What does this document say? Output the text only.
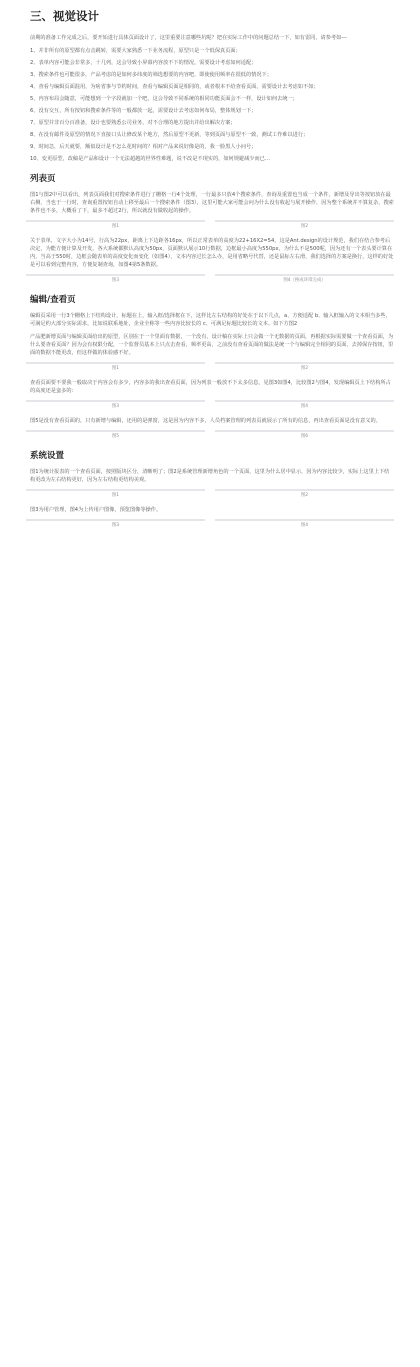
三、视觉设计

前期的准备工作完成之后，要开始进行具体页面设计了，这里重要注意哪些坑呢？把在实际工作中的问题总结一下，如有雷同，请参考如---

1、并非所有的原型都有点击跳转，需要大家熟悉一下业务流程，原型只是一个低保真页面；
2、表单内容可能会非常多，十几列，这会导致小屏幕内容放不下的情况，需要设计考虑如何适配；
3、搜索条件也可能很多，产品考虑的是如何多纬度的筛选想要的内容吧，即使使用频率在很低的情况下；
4、查看与编辑页面混用，为啥省事与节约时间，查看与编辑页面是相同的，或者根本不给查看页面，需要设计去考虑如不如；
5、内容布局会随意，可能想到一个字段就加一个吧，这会导致不同系统的相同功能页面会不一样，设计如何去统一；
6、没有交互，所有按钮和搜索条件等的一般都放一起，需要设计去考虑如何布局，整体规划一下；
7、原型并非百分百准备，设计也要熟悉公司业务，对不合理的地方提出并给出解决方案；
8、在没有邮件及原型的情况下直接口头让修改某个地方，然后原型不更新，等到页面与原型不一致，测试工作难以进行；
9、时间急，后天就要，额似设计是不怎么花时间的？相对产品来说好像是的，我一脸黑人小问号；
10、变更原型，改稿是产品和设计一个无法超越的世界性难题，说不改是不现实的，如何规避减少而已…
列表页

图1与图2中可以看出，列表页面我们对搜索条件进行了栅格一行4个处理，一行最多只放4个搜索条件，查询及重置也当成一个条件，新增及导出等按钮放在最右侧，当也于一行时，查询重置按钮自动上移至最后一个搜索条件（图3），这里可能大家可能会问为什么没有收起与展开操作，因为整个系统并不算复杂，搜索条件也不多，大概看了下，最多不超过2行，所以就没有做收起的操作。

图1	图2

关于表单，文字大小为14号，行高为22px，距离上下边距各16px，所以正常表单的高度为22+16X2=54，这是Ant.design的设计规范，我们在结合参考后决定，为能方便计算及开发，各大系统都默认高度为50px，页面默认展示10行数据，边框最小高度为550px，为什么不是500呢，因为还有一个表头要计算在内，当高于550时，边框会随表单的高度变化而变化（如图4），文本内容过长怎么办，是用省略号代替，还是鼠标左右滑，我们选择的方案是换行，这样的好处是可以看到完整内容，方便复制查询，如图4第5条数据。

图3	图4（换成环境完成）
编辑/查看页

编辑页采用一行3个栅格上下结构设计，标题在上，输入框/选择框在下，这样比左右结构的好处在于以下几点，a、方便适配 b、输入框输入的文本相当多些，可满足约大部分实际需求，比如说联系地址，企业全称等一些内容比较长的 c、可满足标题比较长的文本。如下方图2

产品肥新增页面与编辑页面给出的原型，区别在于一个里面有数据，一个没有，设计稿在实际上只会做一个无数据的页面，再根据实际需要做一个查看页面，为什么要查看页面？因为会有权限分配，一个监督员基本上只点击查看，频率更高，之前没有查看页面的做法是统一个与编辑完全相同的页面，去掉保存按钮，里面的数据不能更改，但这样做的体验感不好。

图1	图2

查看页面要不要我一般取决于内容会有多少，内容多的我出查看页面，因为列表一般放不下太多信息，见图3如图4，比较图2与图4，发现编辑页上下结构所占的高度还是蛮多的：

图3	图4

图5是没有查看页面的，只有新增与编辑，还用的是弹窗，这是因为内容不多，人员档案管理的列表页就展示了所有的信息，再出查看页面是没有意义的。

图5	图6
系统设置

图1为统计报表的一个查看页面，按照版块区分，清晰明了；图2是系统管理新增角色的一个页面，这里为什么居中显示，因为内容比较少，实际上这里上下结构更改为左右结构更好，因为左右结构更结构美观。

图1	图2

图3为用户管理，图4为上传用户图像，预览图像等操作。

图3	图4
